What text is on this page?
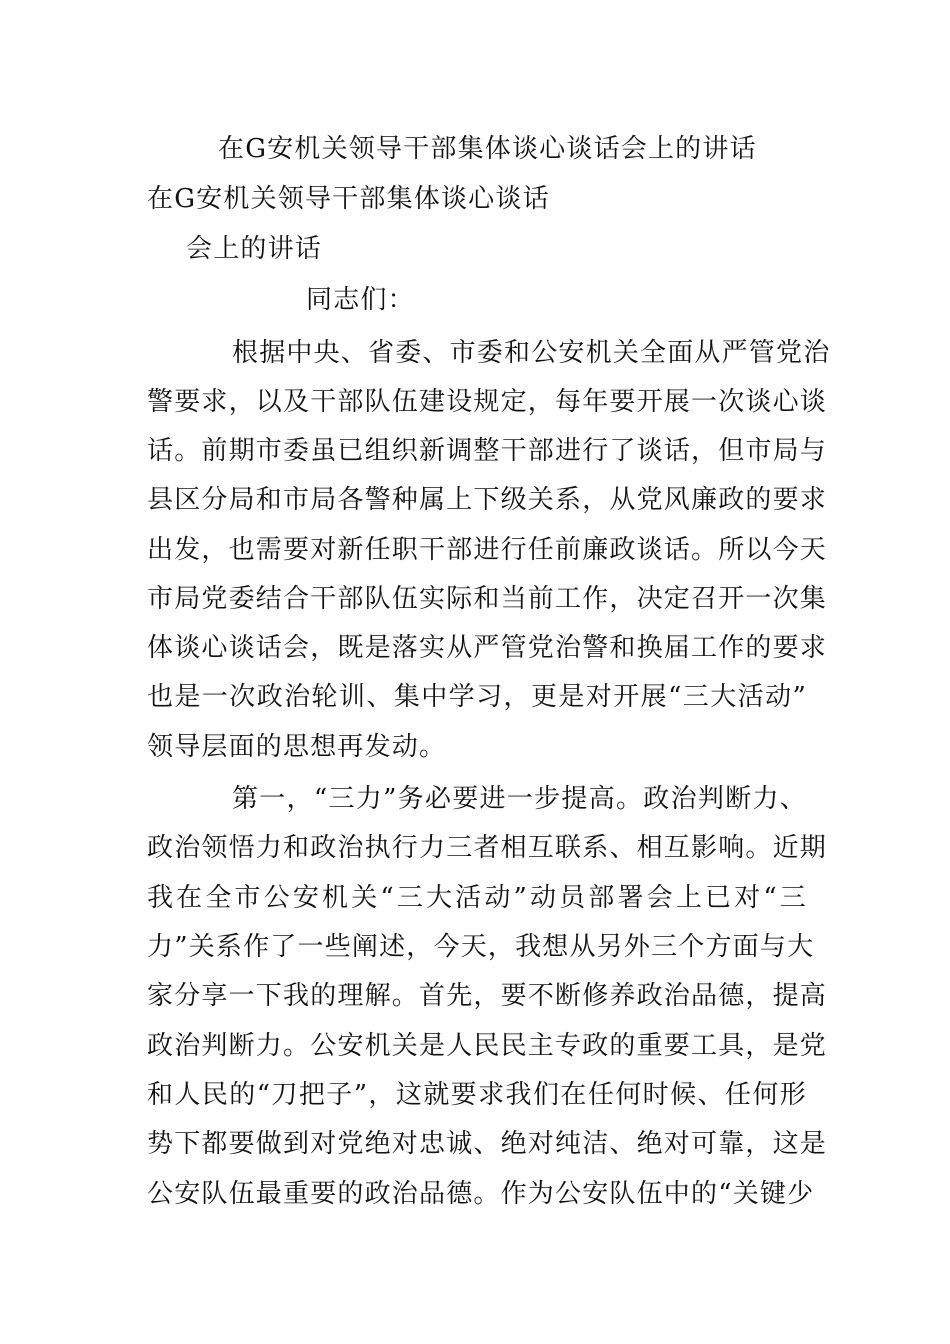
在G安机关领导干部集体谈心谈话会上的讲话
在G安机关领导干部集体谈心谈话
会上的讲话
同志们：
根据中央、省委、市委和公安机关全面从严管党治
警要求，以及干部队伍建设规定，每年要开展一次谈心谈
话。前期市委虽已组织新调整干部进行了谈话，但市局与
县区分局和市局各警种属上下级关系，从党风廉政的要求
出发，也需要对新任职干部进行任前廉政谈话。所以今天
市局党委结合干部队伍实际和当前工作，决定召开一次集
体谈心谈话会，既是落实从严管党治警和换届工作的要求
也是一次政治轮训、集中学习，更是对开展“三大活动”
领导层面的思想再发动。
第一，“三力”务必要进一步提高。政治判断力、
政治领悟力和政治执行力三者相互联系、相互影响。近期
我在全市公安机关“三大活动”动员部署会上已对“三
力”关系作了一些阐述，今天，我想从另外三个方面与大
家分享一下我的理解。首先，要不断修养政治品德，提高
政治判断力。公安机关是人民民主专政的重要工具，是党
和人民的“刀把子”，这就要求我们在任何时候、任何形
势下都要做到对党绝对忠诚、绝对纯洁、绝对可靠，这是
公安队伍最重要的政治品德。作为公安队伍中的“关键少
